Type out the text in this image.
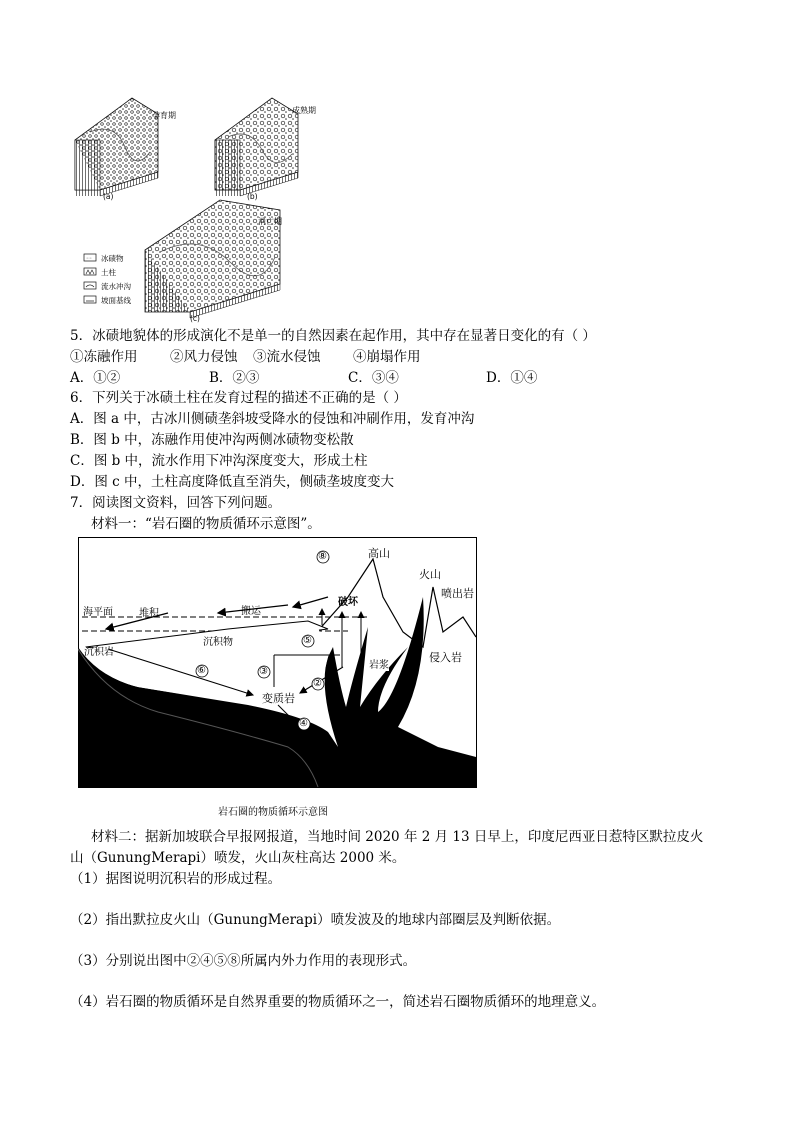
◦◦
孕育期
(a)
成熟期
(b)
消亡期
(c)
冰碛物
土柱
流水冲沟
坡面基线
5．冰碛地貌体的形成演化不是单一的自然因素在起作用，其中存在显著日变化的有（ ）
①冻融作用 ②风力侵蚀 ③流水侵蚀 ④崩塌作用
A．①②	B．②③	C．③④	D．①④
6．下列关于冰碛土柱在发育过程的描述不正确的是（ ）
A．图 a 中，古冰川侧碛垄斜坡受降水的侵蚀和冲刷作用，发育冲沟
B．图 b 中，冻融作用使冲沟两侧冰碛物变松散
C．图 b 中，流水作用下冲沟深度变大，形成土柱
D．图 c 中，土柱高度降低直至消失，侧碛垄坡度变大
7．阅读图文资料，回答下列问题。
材料一：“岩石圈的物质循环示意图”。
高山
火山
喷出岩
海平面	堆积	搬运
沉积物
沉积岩
破坏
岩浆
侵入岩
变质岩
⑧
⑤
②
③
⑥
④
岩石圈的物质循环示意图
材料二：据新加坡联合早报网报道，当地时间 2020 年 2 月 13 日早上，印度尼西亚日惹特区默拉皮火
山（GunungMerapi）喷发，火山灰柱高达 2000 米。
（1）据图说明沉积岩的形成过程。
（2）指出默拉皮火山（GunungMerapi）喷发波及的地球内部圈层及判断依据。
（3）分别说出图中②④⑤⑧所属内外力作用的表现形式。
（4）岩石圈的物质循环是自然界重要的物质循环之一，简述岩石圈物质循环的地理意义。
